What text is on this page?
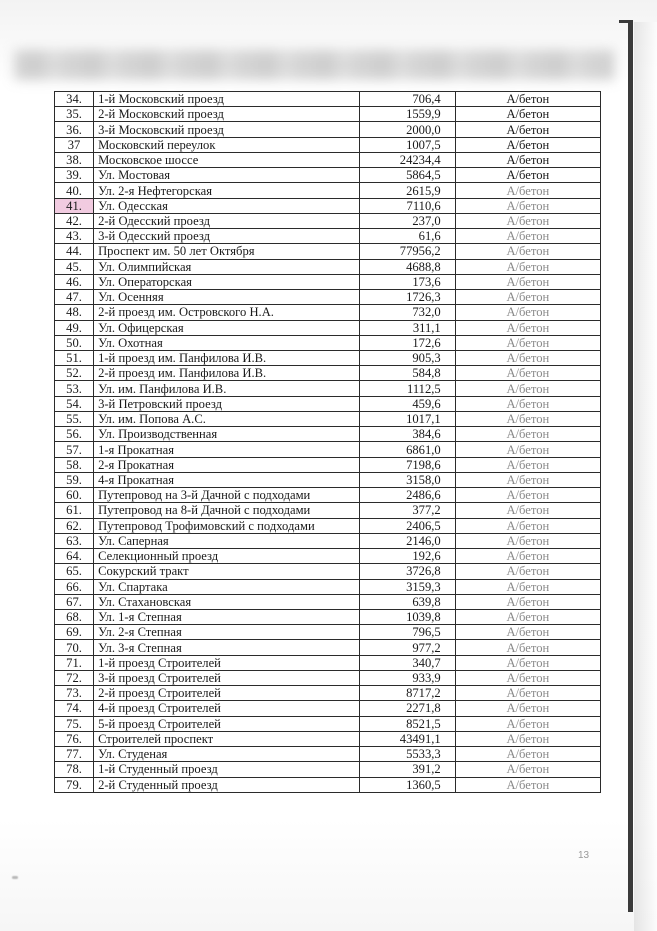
34.	1-й Московский проезд	706,4	А/бетон
35.	2-й Московский проезд	1559,9	А/бетон
36.	3-й Московский проезд	2000,0	А/бетон
37	Московский переулок	1007,5	А/бетон
38.	Московское шоссе	24234,4	А/бетон
39.	Ул. Мостовая	5864,5	А/бетон
40.	Ул. 2-я Нефтегорская	2615,9	А/бетон
41.	Ул. Одесская	7110,6	А/бетон
42.	2-й Одесский проезд	237,0	А/бетон
43.	3-й Одесский проезд	61,6	А/бетон
44.	Проспект им. 50 лет Октября	77956,2	А/бетон
45.	Ул. Олимпийская	4688,8	А/бетон
46.	Ул. Операторская	173,6	А/бетон
47.	Ул. Осенняя	1726,3	А/бетон
48.	2-й проезд им. Островского Н.А.	732,0	А/бетон
49.	Ул. Офицерская	311,1	А/бетон
50.	Ул. Охотная	172,6	А/бетон
51.	1-й проезд им. Панфилова И.В.	905,3	А/бетон
52.	2-й проезд им. Панфилова И.В.	584,8	А/бетон
53.	Ул. им. Панфилова И.В.	1112,5	А/бетон
54.	3-й Петровский проезд	459,6	А/бетон
55.	Ул. им. Попова А.С.	1017,1	А/бетон
56.	Ул. Производственная	384,6	А/бетон
57.	1-я Прокатная	6861,0	А/бетон
58.	2-я Прокатная	7198,6	А/бетон
59.	4-я Прокатная	3158,0	А/бетон
60.	Путепровод на 3-й Дачной с подходами	2486,6	А/бетон
61.	Путепровод на 8-й Дачной с подходами	377,2	А/бетон
62.	Путепровод Трофимовский с подходами	2406,5	А/бетон
63.	Ул. Саперная	2146,0	А/бетон
64.	Селекционный проезд	192,6	А/бетон
65.	Сокурский тракт	3726,8	А/бетон
66.	Ул. Спартака	3159,3	А/бетон
67.	Ул. Стахановская	639,8	А/бетон
68.	Ул. 1-я Степная	1039,8	А/бетон
69.	Ул. 2-я Степная	796,5	А/бетон
70.	Ул. 3-я Степная	977,2	А/бетон
71.	1-й проезд Строителей	340,7	А/бетон
72.	3-й проезд Строителей	933,9	А/бетон
73.	2-й проезд Строителей	8717,2	А/бетон
74.	4-й проезд Строителей	2271,8	А/бетон
75.	5-й проезд Строителей	8521,5	А/бетон
76.	Строителей проспект	43491,1	А/бетон
77.	Ул. Студеная	5533,3	А/бетон
78.	1-й Студенный проезд	391,2	А/бетон
79.	2-й Студенный проезд	1360,5	А/бетон
13
